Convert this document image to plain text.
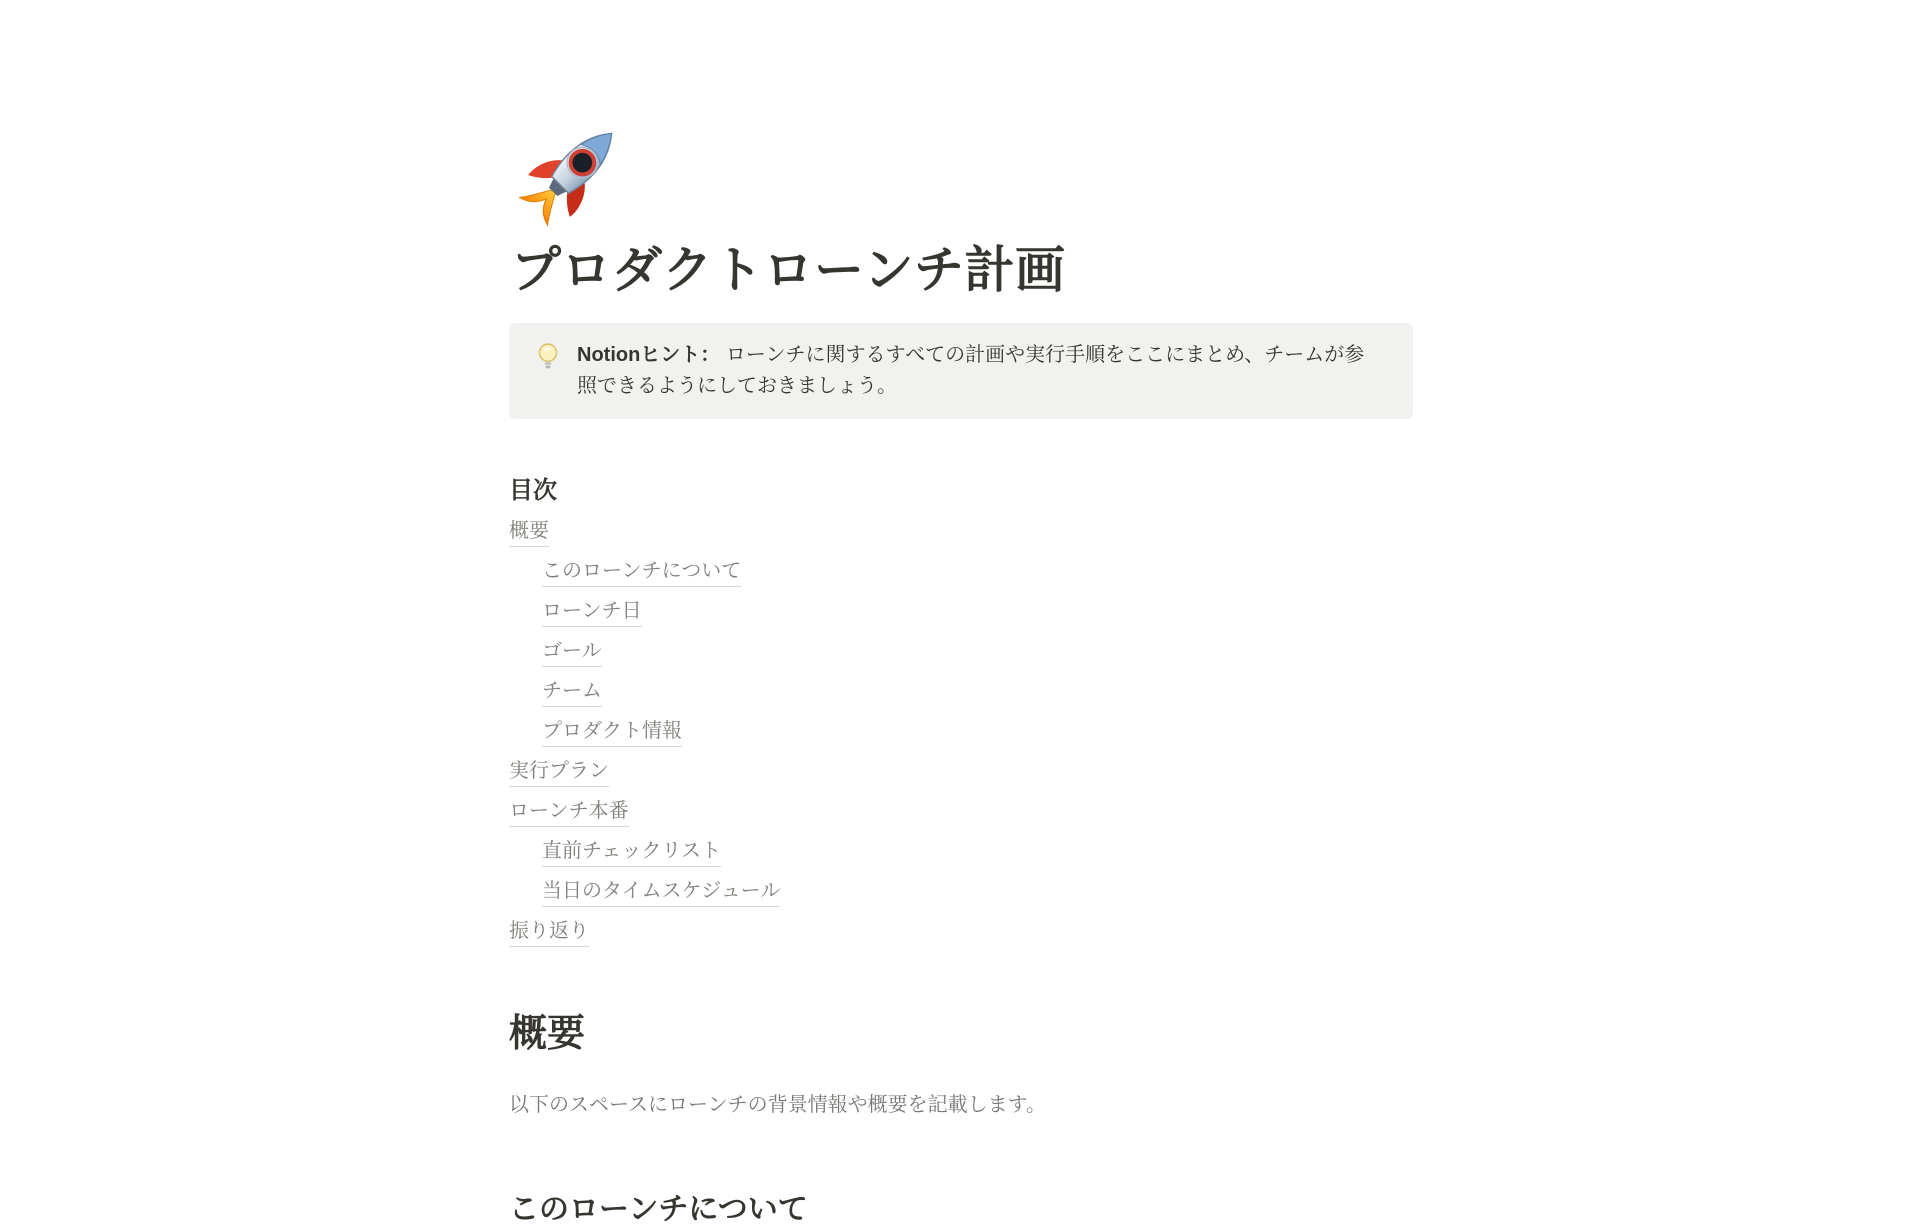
プロダクトローンチ計画
Notionヒント： ローンチに関するすべての計画や実行手順をここにまとめ、チームが参照できるようにしておきましょう。
目次
概要
このローンチについて
ローンチ日
ゴール
チーム
プロダクト情報
実行プラン
ローンチ本番
直前チェックリスト
当日のタイムスケジュール
振り返り
概要

以下のスペースにローンチの背景情報や概要を記載します。

このローンチについて
